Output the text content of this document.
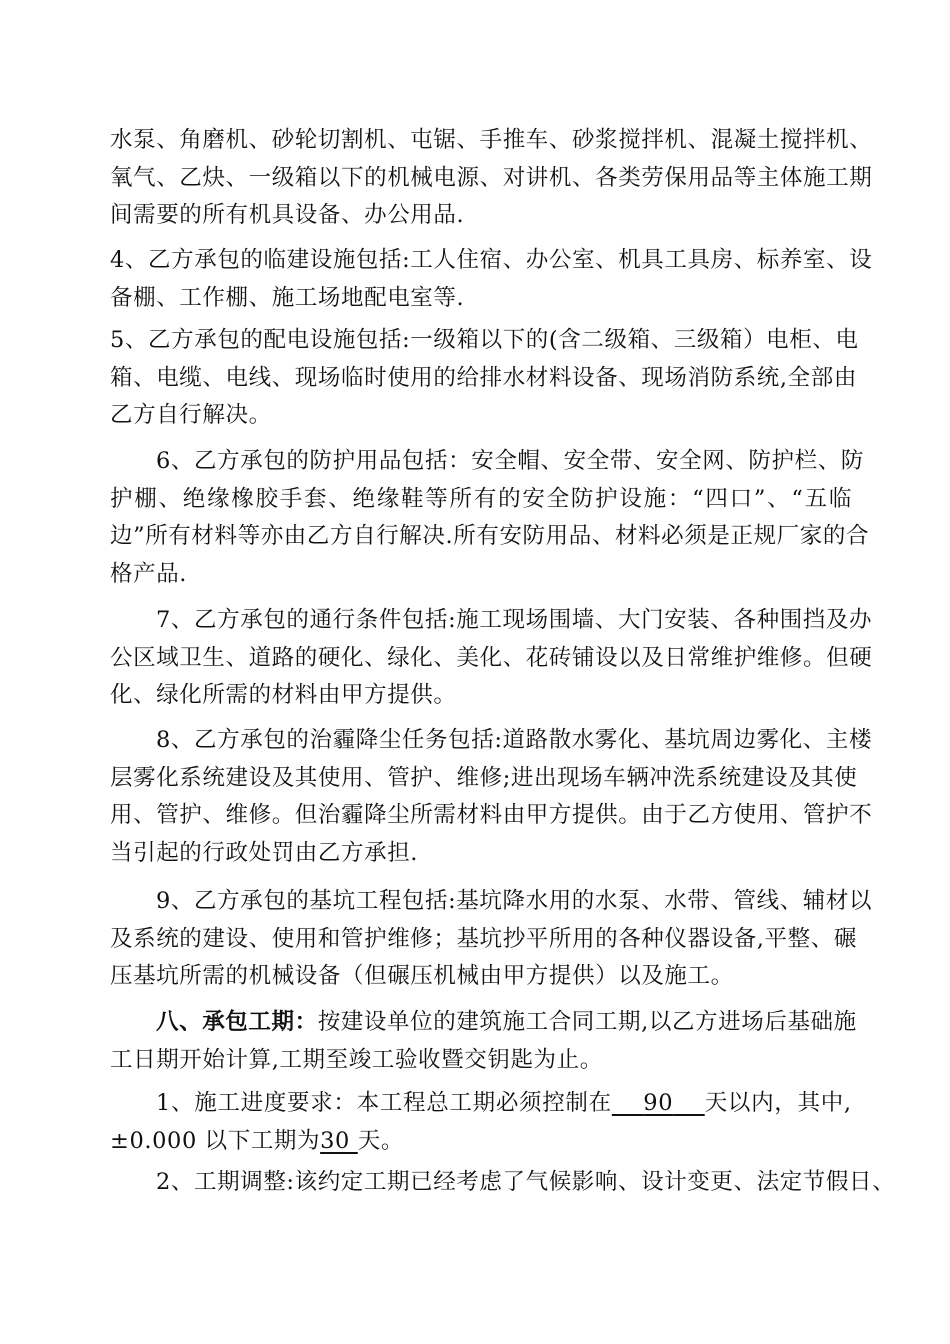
水泵、角磨机、砂轮切割机、屯锯、手推车、砂浆搅拌机、混凝土搅拌机、
氧气、乙炔、一级箱以下的机械电源、对讲机、各类劳保用品等主体施工期
间需要的所有机具设备、办公用品.
4、乙方承包的临建设施包括:工人住宿、办公室、机具工具房、标养室、设
备棚、工作棚、施工场地配电室等.
5、乙方承包的配电设施包括:一级箱以下的(含二级箱、三级箱）电柜、电
箱、电缆、电线、现场临时使用的给排水材料设备、现场消防系统,全部由
乙方自行解决。
6、乙方承包的防护用品包括：安全帽、安全带、安全网、防护栏、防
护棚、绝缘橡胶手套、绝缘鞋等所有的安全防护设施：“四口”、“五临
边”所有材料等亦由乙方自行解决.所有安防用品、材料必须是正规厂家的合
格产品.
7、乙方承包的通行条件包括:施工现场围墙、大门安装、各种围挡及办
公区域卫生、道路的硬化、绿化、美化、花砖铺设以及日常维护维修。但硬
化、绿化所需的材料由甲方提供。
8、乙方承包的治霾降尘任务包括:道路散水雾化、基坑周边雾化、主楼
层雾化系统建设及其使用、管护、维修;进出现场车辆冲洗系统建设及其使
用、管护、维修。但治霾降尘所需材料由甲方提供。由于乙方使用、管护不
当引起的行政处罚由乙方承担.
9、乙方承包的基坑工程包括:基坑降水用的水泵、水带、管线、辅材以
及系统的建设、使用和管护维修；基坑抄平所用的各种仪器设备,平整、碾
压基坑所需的机械设备（但碾压机械由甲方提供）以及施工。
八、承包工期：按建设单位的建筑施工合同工期,以乙方进场后基础施
工日期开始计算,工期至竣工验收暨交钥匙为止。
1、施工进度要求：本工程总工期必须控制在 90 天以内，其中,
±0.000 以下工期为30 天。
2、工期调整:该约定工期已经考虑了气候影响、设计变更、法定节假日、
